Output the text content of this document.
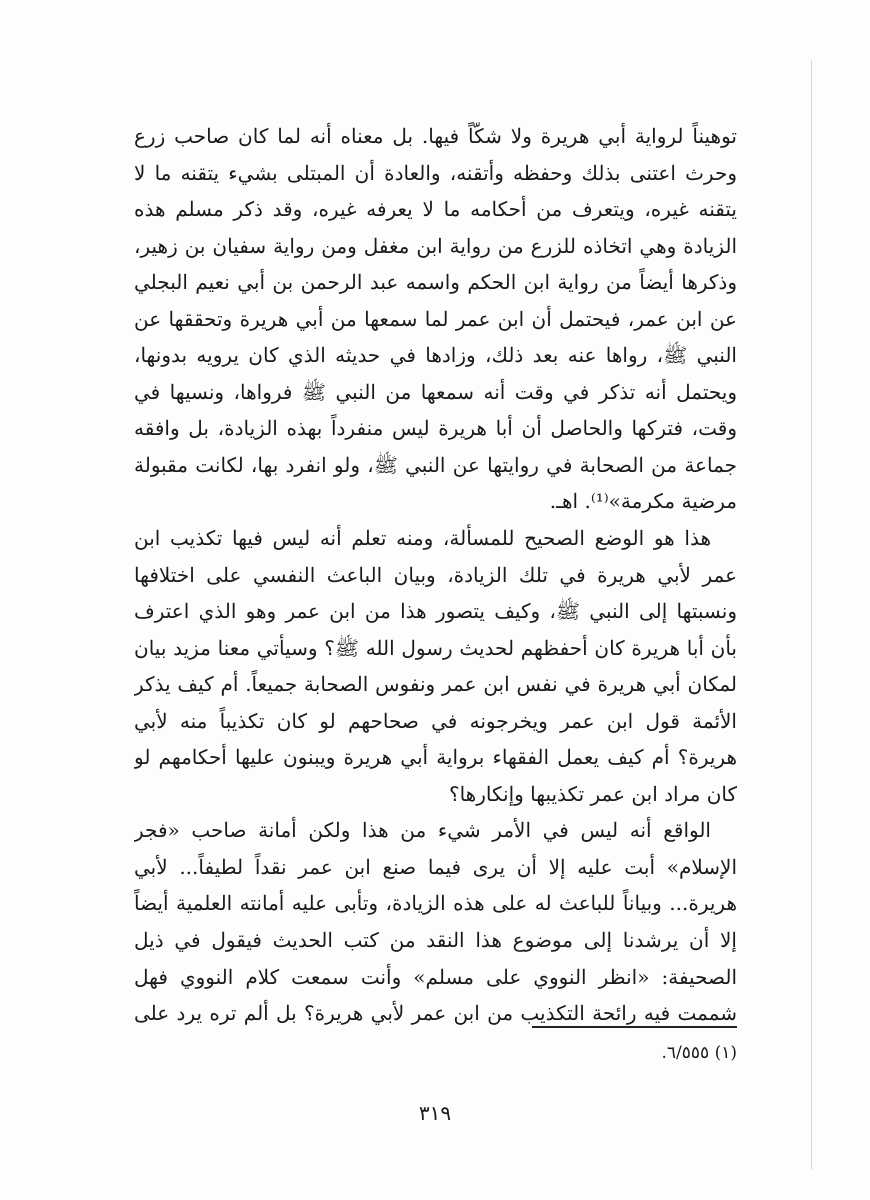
توهيناً لرواية أبي هريرة ولا شكّاً فيها. بل معناه أنه لما كان صاحب زرع
وحرث اعتنى بذلك وحفظه وأتقنه، والعادة أن المبتلى بشيء يتقنه ما لا
يتقنه غيره، ويتعرف من أحكامه ما لا يعرفه غيره، وقد ذكر مسلم هذه
الزيادة وهي اتخاذه للزرع من رواية ابن مغفل ومن رواية سفيان بن زهير،
وذكرها أيضاً من رواية ابن الحكم واسمه عبد الرحمن بن أبي نعيم البجلي
عن ابن عمر، فيحتمل أن ابن عمر لما سمعها من أبي هريرة وتحققها عن
النبي ﷺ، رواها عنه بعد ذلك، وزادها في حديثه الذي كان يرويه بدونها،
ويحتمل أنه تذكر في وقت أنه سمعها من النبي ﷺ فرواها، ونسيها في
وقت، فتركها والحاصل أن أبا هريرة ليس منفرداً بهذه الزيادة، بل وافقه
جماعة من الصحابة في روايتها عن النبي ﷺ، ولو انفرد بها، لكانت مقبولة
مرضية مكرمة»⁽¹⁾. اهـ.
هذا هو الوضع الصحيح للمسألة، ومنه تعلم أنه ليس فيها تكذيب ابن
عمر لأبي هريرة في تلك الزيادة، وبيان الباعث النفسي على اختلافها
ونسبتها إلى النبي ﷺ، وكيف يتصور هذا من ابن عمر وهو الذي اعترف
بأن أبا هريرة كان أحفظهم لحديث رسول الله ﷺ؟ وسيأتي معنا مزيد بيان
لمكان أبي هريرة في نفس ابن عمر ونفوس الصحابة جميعاً. أم كيف يذكر
الأئمة قول ابن عمر ويخرجونه في صحاحهم لو كان تكذيباً منه لأبي
هريرة؟ أم كيف يعمل الفقهاء برواية أبي هريرة ويبنون عليها أحكامهم لو
كان مراد ابن عمر تكذيبها وإنكارها؟
الواقع أنه ليس في الأمر شيء من هذا ولكن أمانة صاحب «فجر
الإسلام» أبت عليه إلا أن يرى فيما صنع ابن عمر نقداً لطيفاً... لأبي
هريرة... وبياناً للباعث له على هذه الزيادة، وتأبى عليه أمانته العلمية أيضاً
إلا أن يرشدنا إلى موضوع هذا النقد من كتب الحديث فيقول في ذيل
الصحيفة: «انظر النووي على مسلم» وأنت سمعت كلام النووي فهل
شممت فيه رائحة التكذيب من ابن عمر لأبي هريرة؟ بل ألم تره يرد على
(١) ٦/٥٥٥.
٣١٩
